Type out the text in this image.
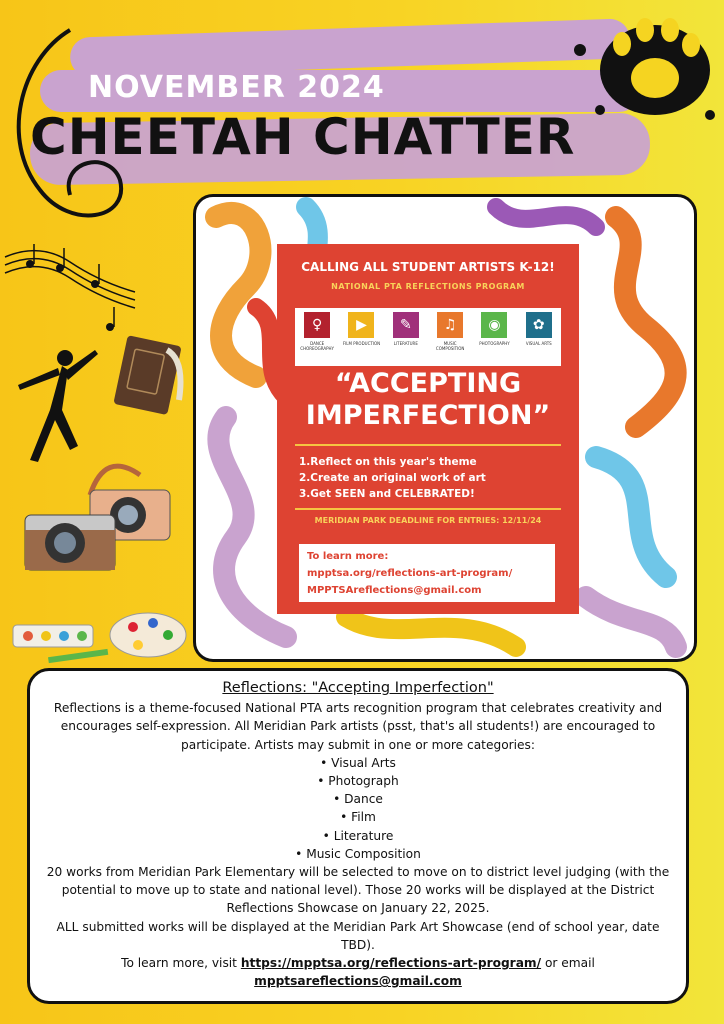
NOVEMBER 2024
CHEETAH CHATTER
CALLING ALL STUDENT ARTISTS K-12!
NATIONAL PTA REFLECTIONS PROGRAM
♀
DANCE CHOREOGRAPHY
▶
FILM PRODUCTION
✎
LITERATURE
♫
MUSIC COMPOSITION
◉
PHOTOGRAPHY
✿
VISUAL ARTS
“ACCEPTING IMPERFECTION”
1.Reflect on this year's theme
2.Create an original work of art
3.Get SEEN and CELEBRATED!
MERIDIAN PARK DEADLINE FOR ENTRIES: 12/11/24
To learn more:
mpptsa.org/reflections-art-program/
MPPTSAreflections@gmail.com
Reflections: "Accepting Imperfection"
Reflections is a theme-focused National PTA arts recognition program that celebrates creativity and encourages self-expression. All Meridian Park artists (psst, that's all students!) are encouraged to participate. Artists may submit in one or more categories:
• Visual Arts
• Photograph
• Dance
• Film
• Literature
• Music Composition
20 works from Meridian Park Elementary will be selected to move on to district level judging (with the potential to move up to state and national level). Those 20 works will be displayed at the District Reflections Showcase on January 22, 2025.
ALL submitted works will be displayed at the Meridian Park Art Showcase (end of school year, date TBD).
To learn more, visit https://mpptsa.org/reflections-art-program/ or email
mpptsareflections@gmail.com
